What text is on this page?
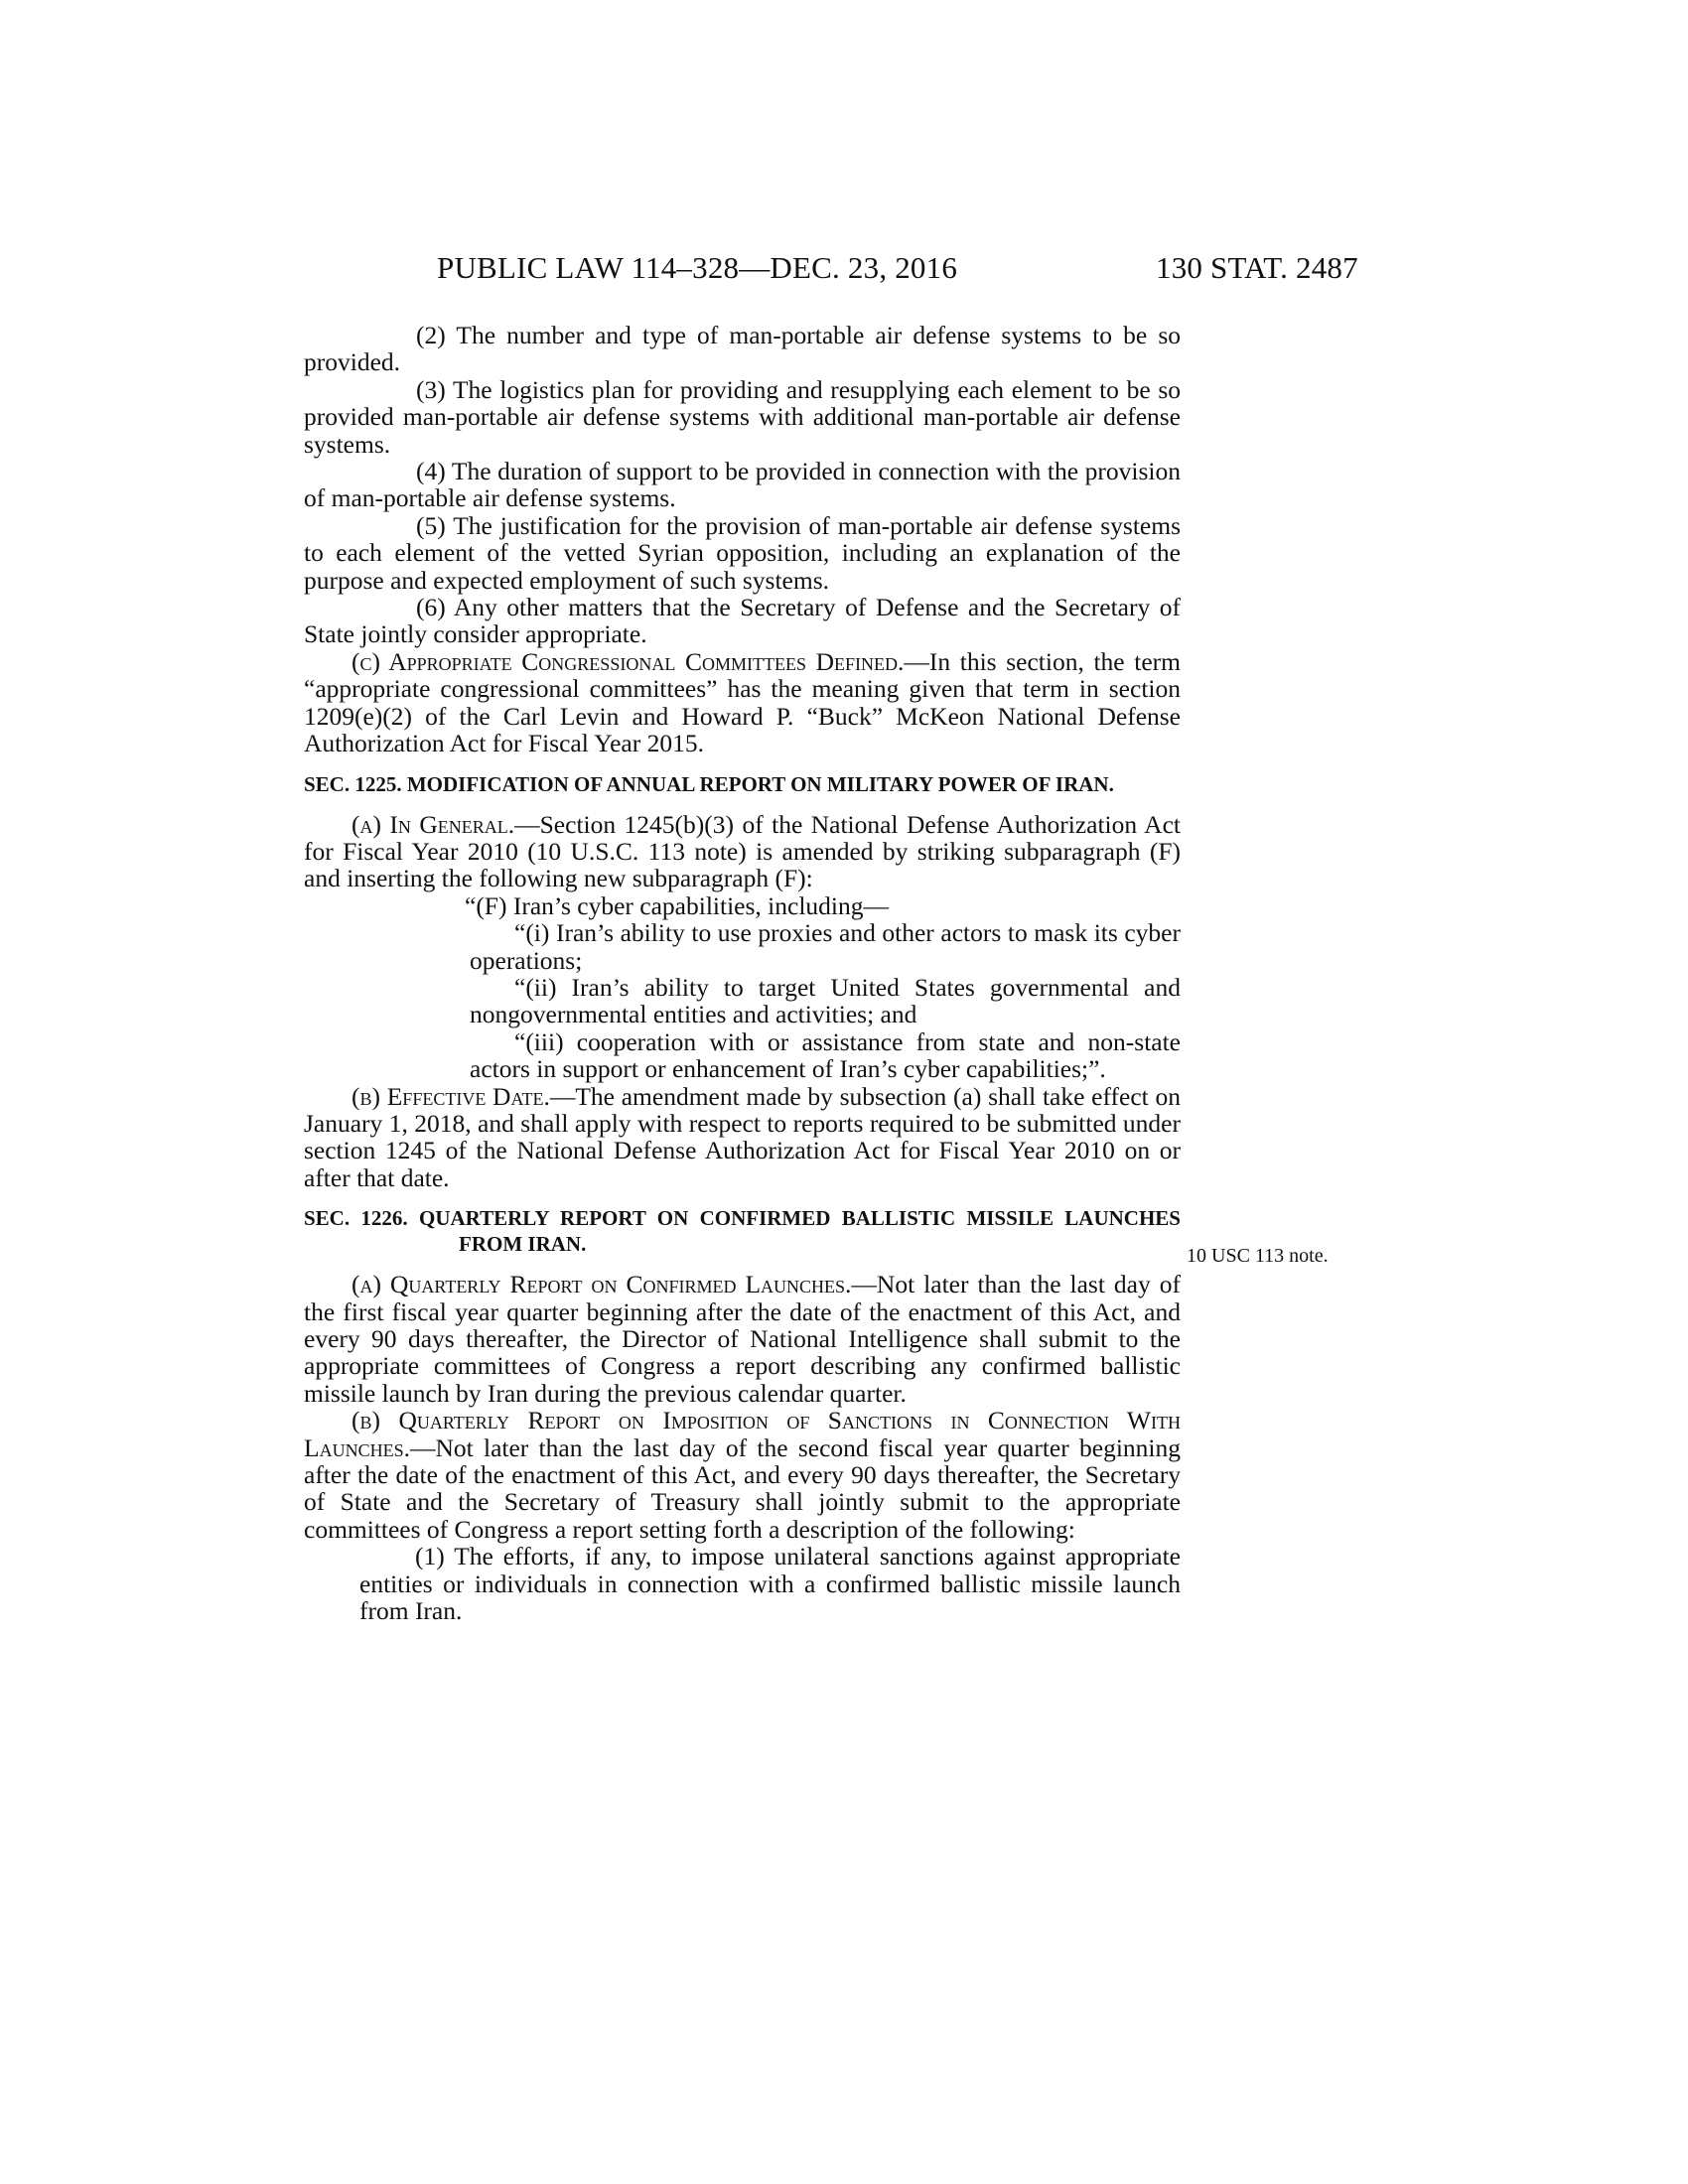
PUBLIC LAW 114–328—DEC. 23, 2016	130 STAT. 2487

(2) The number and type of man-portable air defense systems to be so provided.

(3) The logistics plan for providing and resupplying each element to be so provided man-portable air defense systems with additional man-portable air defense systems.

(4) The duration of support to be provided in connection with the provision of man-portable air defense systems.

(5) The justification for the provision of man-portable air defense systems to each element of the vetted Syrian opposition, including an explanation of the purpose and expected employment of such systems.

(6) Any other matters that the Secretary of Defense and the Secretary of State jointly consider appropriate.

(c) Appropriate Congressional Committees Defined.—In this section, the term “appropriate congressional committees” has the meaning given that term in section 1209(e)(2) of the Carl Levin and Howard P. “Buck” McKeon National Defense Authorization Act for Fiscal Year 2015.

SEC. 1225. MODIFICATION OF ANNUAL REPORT ON MILITARY POWER OF IRAN.

(a) In General.—Section 1245(b)(3) of the National Defense Authorization Act for Fiscal Year 2010 (10 U.S.C. 113 note) is amended by striking subparagraph (F) and inserting the following new subparagraph (F):

“(F) Iran’s cyber capabilities, including—

“(i) Iran’s ability to use proxies and other actors to mask its cyber operations;

“(ii) Iran’s ability to target United States governmental and nongovernmental entities and activities; and

“(iii) cooperation with or assistance from state and non-state actors in support or enhancement of Iran’s cyber capabilities;”.

(b) Effective Date.—The amendment made by subsection (a) shall take effect on January 1, 2018, and shall apply with respect to reports required to be submitted under section 1245 of the National Defense Authorization Act for Fiscal Year 2010 on or after that date.

SEC. 1226. QUARTERLY REPORT ON CONFIRMED BALLISTIC MISSILE LAUNCHES FROM IRAN.

(a) Quarterly Report on Confirmed Launches.—Not later than the last day of the first fiscal year quarter beginning after the date of the enactment of this Act, and every 90 days thereafter, the Director of National Intelligence shall submit to the appropriate committees of Congress a report describing any confirmed ballistic missile launch by Iran during the previous calendar quarter.

(b) Quarterly Report on Imposition of Sanctions in Connection With Launches.—Not later than the last day of the second fiscal year quarter beginning after the date of the enactment of this Act, and every 90 days thereafter, the Secretary of State and the Secretary of Treasury shall jointly submit to the appropriate committees of Congress a report setting forth a description of the following:

(1) The efforts, if any, to impose unilateral sanctions against appropriate entities or individuals in connection with a confirmed ballistic missile launch from Iran.

10 USC 113 note.
